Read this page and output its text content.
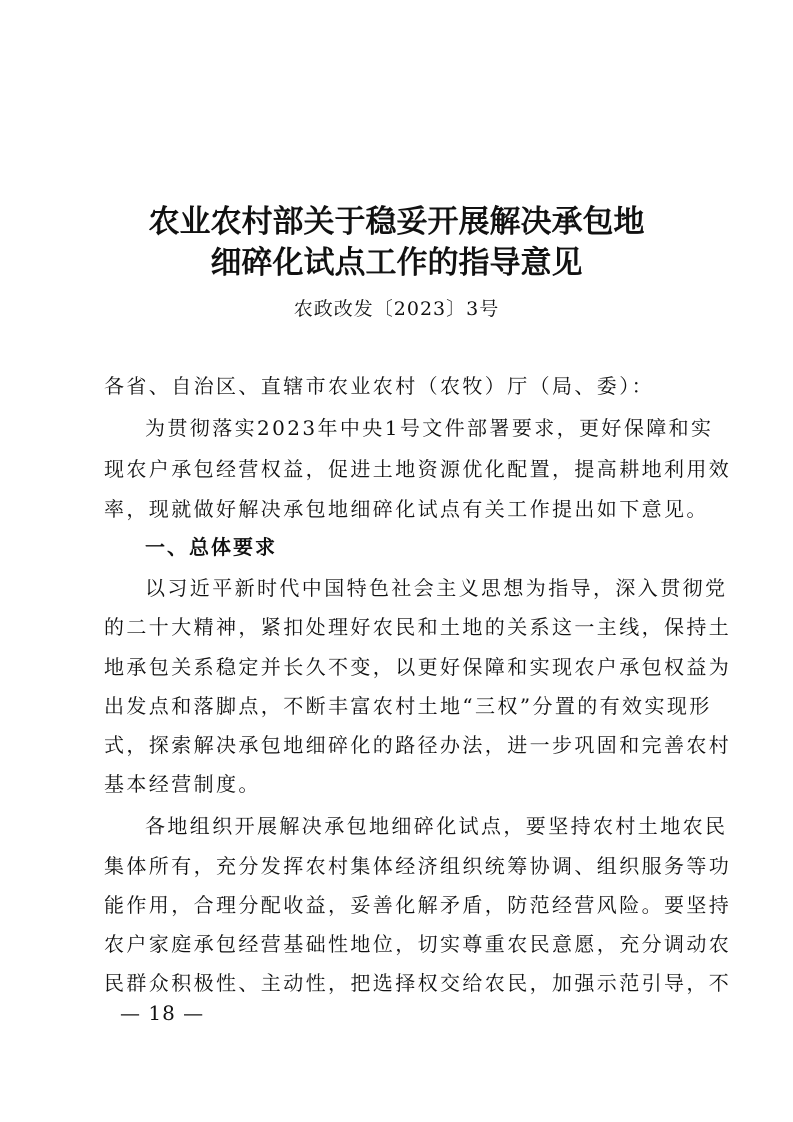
农业农村部关于稳妥开展解决承包地
细碎化试点工作的指导意见
农政改发〔2023〕3号
各省、自治区、直辖市农业农村（农牧）厅（局、委）：
为贯彻落实2023年中央1号文件部署要求，更好保障和实
现农户承包经营权益，促进土地资源优化配置，提高耕地利用效
率，现就做好解决承包地细碎化试点有关工作提出如下意见。
一、总体要求
以习近平新时代中国特色社会主义思想为指导，深入贯彻党
的二十大精神，紧扣处理好农民和土地的关系这一主线，保持土
地承包关系稳定并长久不变，以更好保障和实现农户承包权益为
出发点和落脚点，不断丰富农村土地“三权”分置的有效实现形
式，探索解决承包地细碎化的路径办法，进一步巩固和完善农村
基本经营制度。
各地组织开展解决承包地细碎化试点，要坚持农村土地农民
集体所有，充分发挥农村集体经济组织统筹协调、组织服务等功
能作用，合理分配收益，妥善化解矛盾，防范经营风险。要坚持
农户家庭承包经营基础性地位，切实尊重农民意愿，充分调动农
民群众积极性、主动性，把选择权交给农民，加强示范引导，不
— 18 —
